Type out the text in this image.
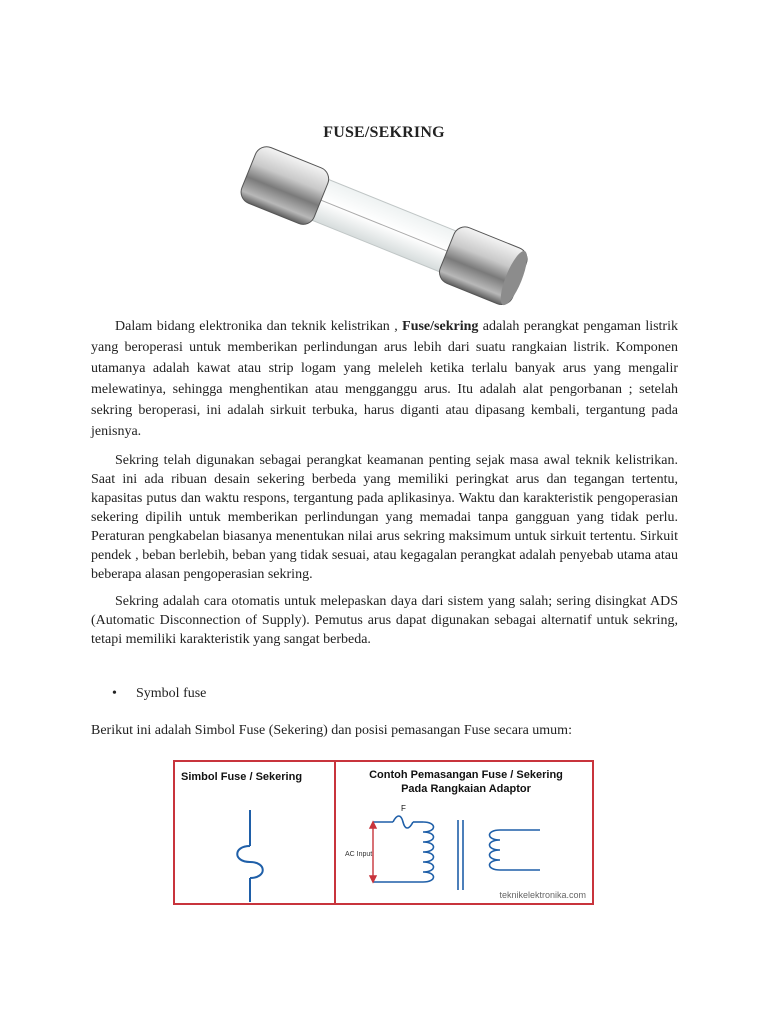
FUSE/SEKRING

Dalam bidang elektronika dan teknik kelistrikan , Fuse/sekring adalah perangkat pengaman listrik yang beroperasi untuk memberikan perlindungan arus lebih dari suatu rangkaian listrik. Komponen utamanya adalah kawat atau strip logam yang meleleh ketika terlalu banyak arus yang mengalir melewatinya, sehingga menghentikan atau mengganggu arus. Itu adalah alat pengorbanan ; setelah sekring beroperasi, ini adalah sirkuit terbuka, harus diganti atau dipasang kembali, tergantung pada jenisnya.

Sekring telah digunakan sebagai perangkat keamanan penting sejak masa awal teknik kelistrikan. Saat ini ada ribuan desain sekering berbeda yang memiliki peringkat arus dan tegangan tertentu, kapasitas putus dan waktu respons, tergantung pada aplikasinya. Waktu dan karakteristik pengoperasian sekering dipilih untuk memberikan perlindungan yang memadai tanpa gangguan yang tidak perlu. Peraturan pengkabelan biasanya menentukan nilai arus sekring maksimum untuk sirkuit tertentu. Sirkuit pendek , beban berlebih, beban yang tidak sesuai, atau kegagalan perangkat adalah penyebab utama atau beberapa alasan pengoperasian sekring.

Sekring adalah cara otomatis untuk melepaskan daya dari sistem yang salah; sering disingkat ADS (Automatic Disconnection of Supply). Pemutus arus dapat digunakan sebagai alternatif untuk sekring, tetapi memiliki karakteristik yang sangat berbeda.

• Symbol fuse
Berikut ini adalah Simbol Fuse (Sekering) dan posisi pemasangan Fuse secara umum:
Simbol Fuse / Sekering	Contoh Pemasangan Fuse / Sekering
Pada Rangkaian Adaptor
F
AC Input
teknikelektronika.com
